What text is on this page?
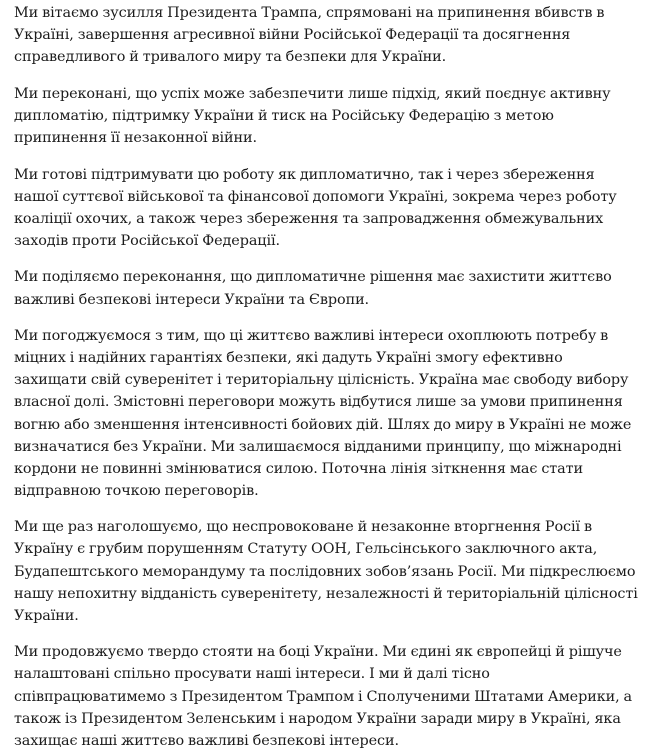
Ми вітаємо зусилля Президента Трампа, спрямовані на припинення вбивств в Україні, завершення агресивної війни Російської Федерації та досягнення справедливого й тривалого миру та безпеки для України.

Ми переконані, що успіх може забезпечити лише підхід, який поєднує активну дипломатію, підтримку України й тиск на Російську Федерацію з метою припинення її незаконної війни.

Ми готові підтримувати цю роботу як дипломатично, так і через збереження нашої суттєвої військової та фінансової допомоги Україні, зокрема через роботу коаліції охочих, а також через збереження та запровадження обмежувальних заходів проти Російської Федерації.

Ми поділяємо переконання, що дипломатичне рішення має захистити життєво важливі безпекові інтереси України та Європи.

Ми погоджуємося з тим, що ці життєво важливі інтереси охоплюють потребу в міцних і надійних гарантіях безпеки, які дадуть Україні змогу ефективно захищати свій суверенітет і територіальну цілісність. Україна має свободу вибору власної долі. Змістовні переговори можуть відбутися лише за умови припинення вогню або зменшення інтенсивності бойових дій. Шлях до миру в Україні не може визначатися без України. Ми залишаємося відданими принципу, що міжнародні кордони не повинні змінюватися силою. Поточна лінія зіткнення має стати відправною точкою переговорів.

Ми ще раз наголошуємо, що неспровоковане й незаконне вторгнення Росії в Україну є грубим порушенням Статуту ООН, Гельсінського заключного акта, Будапештського меморандуму та послідовних зобов’язань Росії. Ми підкреслюємо нашу непохитну відданість суверенітету, незалежності й територіальній цілісності України.

Ми продовжуємо твердо стояти на боці України. Ми єдині як європейці й рішуче налаштовані спільно просувати наші інтереси. І ми й далі тісно співпрацюватимемо з Президентом Трампом і Сполученими Штатами Америки, а також із Президентом Зеленським і народом України заради миру в Україні, яка захищає наші життєво важливі безпекові інтереси.
